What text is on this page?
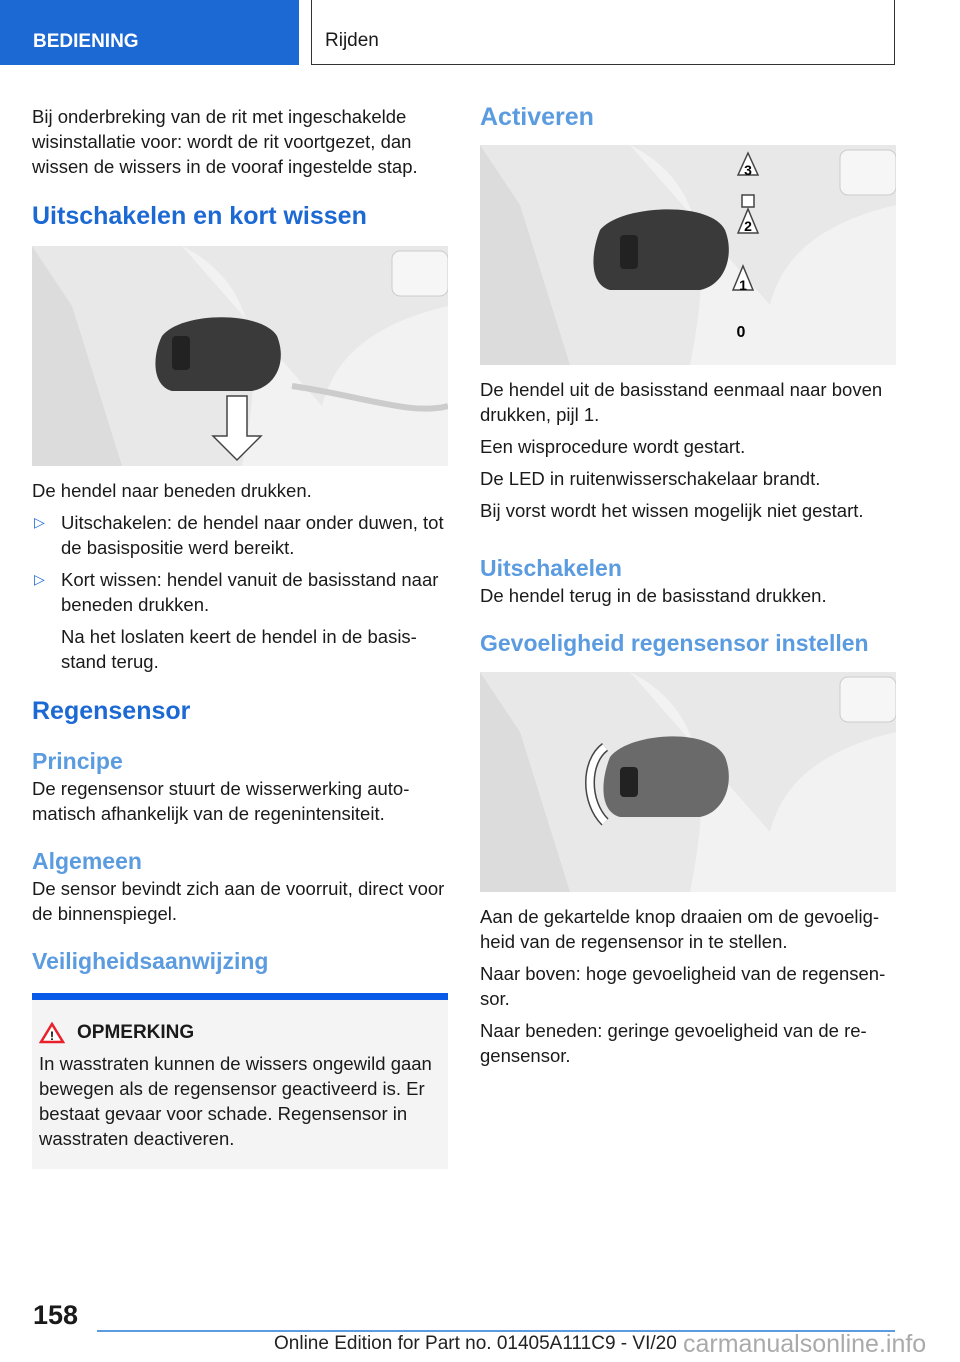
BEDIENING	Rijden

Bij onderbreking van de rit met ingeschakelde wisinstallatie voor: wordt de rit voortgezet, dan wissen de wissers in de vooraf ingestelde stap.

Uitschakelen en kort wissen

De hendel naar beneden drukken.

▷ Uitschakelen: de hendel naar onder duwen, tot de basispositie werd bereikt.
▷ Kort wissen: hendel vanuit de basisstand naar beneden drukken.

Na het loslaten keert de hendel in de basis-stand terug.

Regensensor
Principe

De regensensor stuurt de wisserwerking auto-matisch afhankelijk van de regenintensiteit.

Algemeen

De sensor bevindt zich aan de voorruit, direct voor de binnenspiegel.

Veiligheidsaanwijzing
! OPMERKING
In wasstraten kunnen de wissers ongewild gaan bewegen als de regensensor geactiveerd is. Er bestaat gevaar voor schade. Regensensor in wasstraten deactiveren.
Activeren
3
2
1
0

De hendel uit de basisstand eenmaal naar boven drukken, pijl 1.

Een wisprocedure wordt gestart.

De LED in ruitenwisserschakelaar brandt.

Bij vorst wordt het wissen mogelijk niet gestart.

Uitschakelen

De hendel terug in de basisstand drukken.

Gevoeligheid regensensor instellen

Aan de gekartelde knop draaien om de gevoelig-heid van de regensensor in te stellen.

Naar boven: hoge gevoeligheid van de regensen-sor.

Naar beneden: geringe gevoeligheid van de re-gensensor.

158
Online Edition for Part no. 01405A111C9 - VI/20 carmanualsonline.info
